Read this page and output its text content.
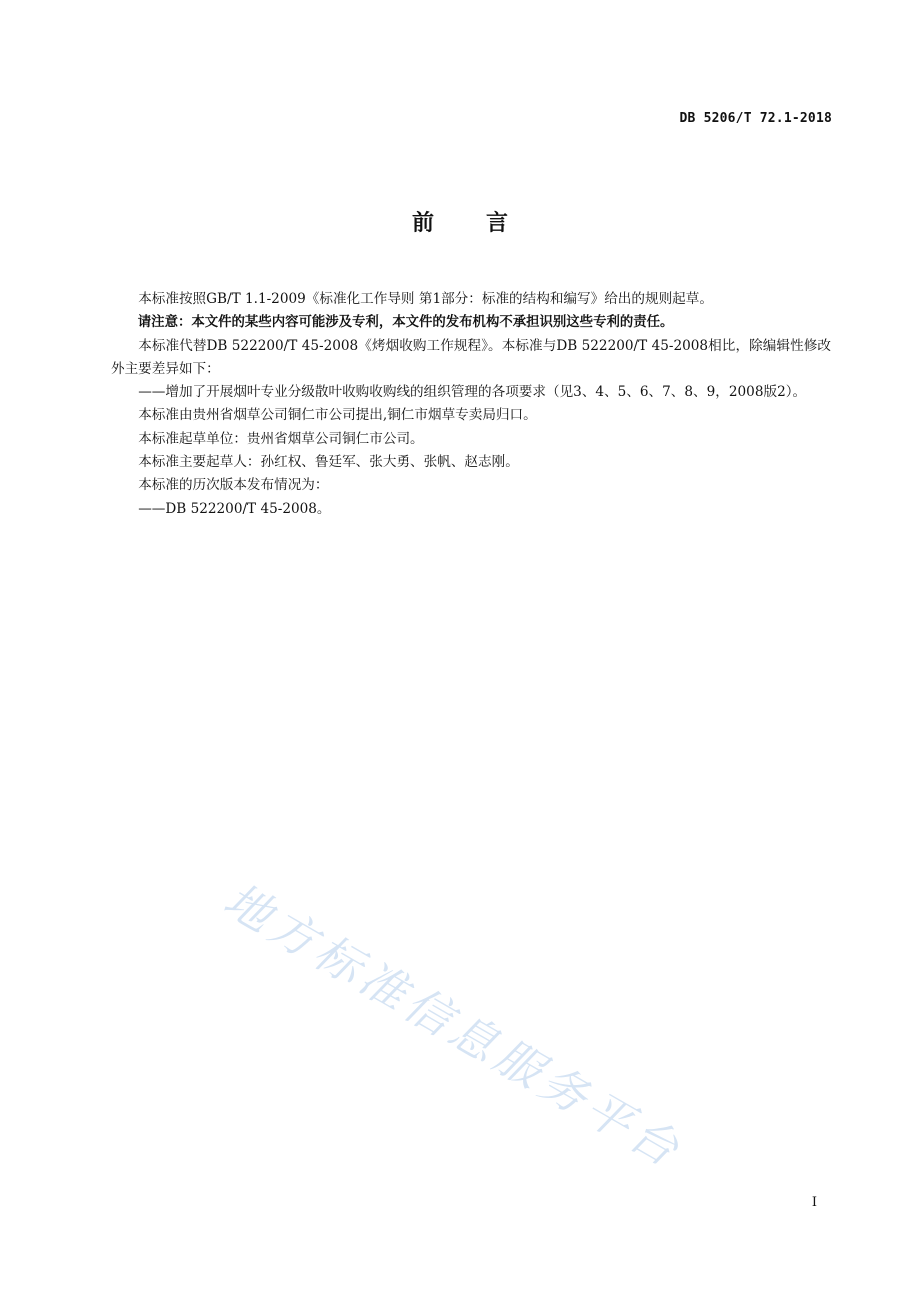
DB 5206/T 72.1-2018
前 言

本标准按照GB/T 1.1-2009《标准化工作导则 第1部分：标准的结构和编写》给出的规则起草。

请注意：本文件的某些内容可能涉及专利，本文件的发布机构不承担识别这些专利的责任。

本标准代替DB 522200/T 45-2008《烤烟收购工作规程》。本标准与DB 522200/T 45-2008相比，除编辑性修改外主要差异如下：

——增加了开展烟叶专业分级散叶收购收购线的组织管理的各项要求（见3、4、5、6、7、8、9，2008版2）。

本标准由贵州省烟草公司铜仁市公司提出,铜仁市烟草专卖局归口。

本标准起草单位：贵州省烟草公司铜仁市公司。

本标准主要起草人：孙红权、鲁廷军、张大勇、张帆、赵志刚。

本标准的历次版本发布情况为：

——DB 522200/T 45-2008。

地方标准信息服务平台
I
